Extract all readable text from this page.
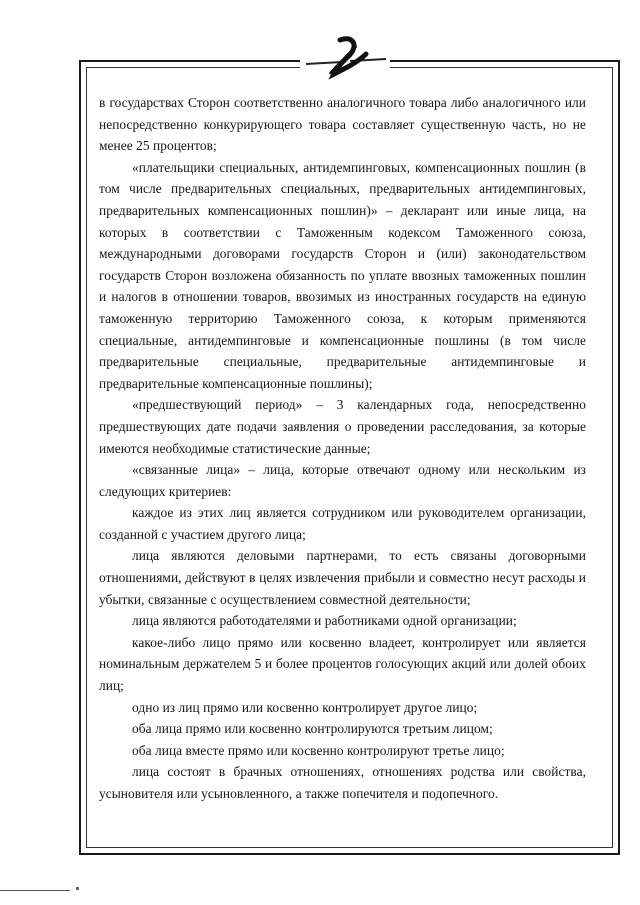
в государствах Сторон соответственно аналогичного товара либо аналогичного или непосредственно конкурирующего товара составляет существенную часть, но не менее 25 процентов;

«плательщики специальных, антидемпинговых, компенсационных пошлин (в том числе предварительных специальных, предварительных антидемпинговых, предварительных компенсационных пошлин)» – декларант или иные лица, на которых в соответствии с Таможенным кодексом Таможенного союза, международными договорами государств Сторон и (или) законодательством государств Сторон возложена обязанность по уплате ввозных таможенных пошлин и налогов в отношении товаров, ввозимых из иностранных государств на единую таможенную территорию Таможенного союза, к которым применяются специальные, антидемпинговые и компенсационные пошлины (в том числе предварительные специальные, предварительные антидемпинговые и предварительные компенсационные пошлины);

«предшествующий период» – 3 календарных года, непосредственно предшествующих дате подачи заявления о проведении расследования, за которые имеются необходимые статистические данные;

«связанные лица» – лица, которые отвечают одному или нескольким из следующих критериев:

каждое из этих лиц является сотрудником или руководителем организации, созданной с участием другого лица;

лица являются деловыми партнерами, то есть связаны договорными отношениями, действуют в целях извлечения прибыли и совместно несут расходы и убытки, связанные с осуществлением совместной деятельности;

лица являются работодателями и работниками одной организации;

какое-либо лицо прямо или косвенно владеет, контролирует или является номинальным держателем 5 и более процентов голосующих акций или долей обоих лиц;

одно из лиц прямо или косвенно контролирует другое лицо;

оба лица прямо или косвенно контролируются третьим лицом;

оба лица вместе прямо или косвенно контролируют третье лицо;

лица состоят в брачных отношениях, отношениях родства или свойства, усыновителя или усыновленного, а также попечителя и подопечного.
